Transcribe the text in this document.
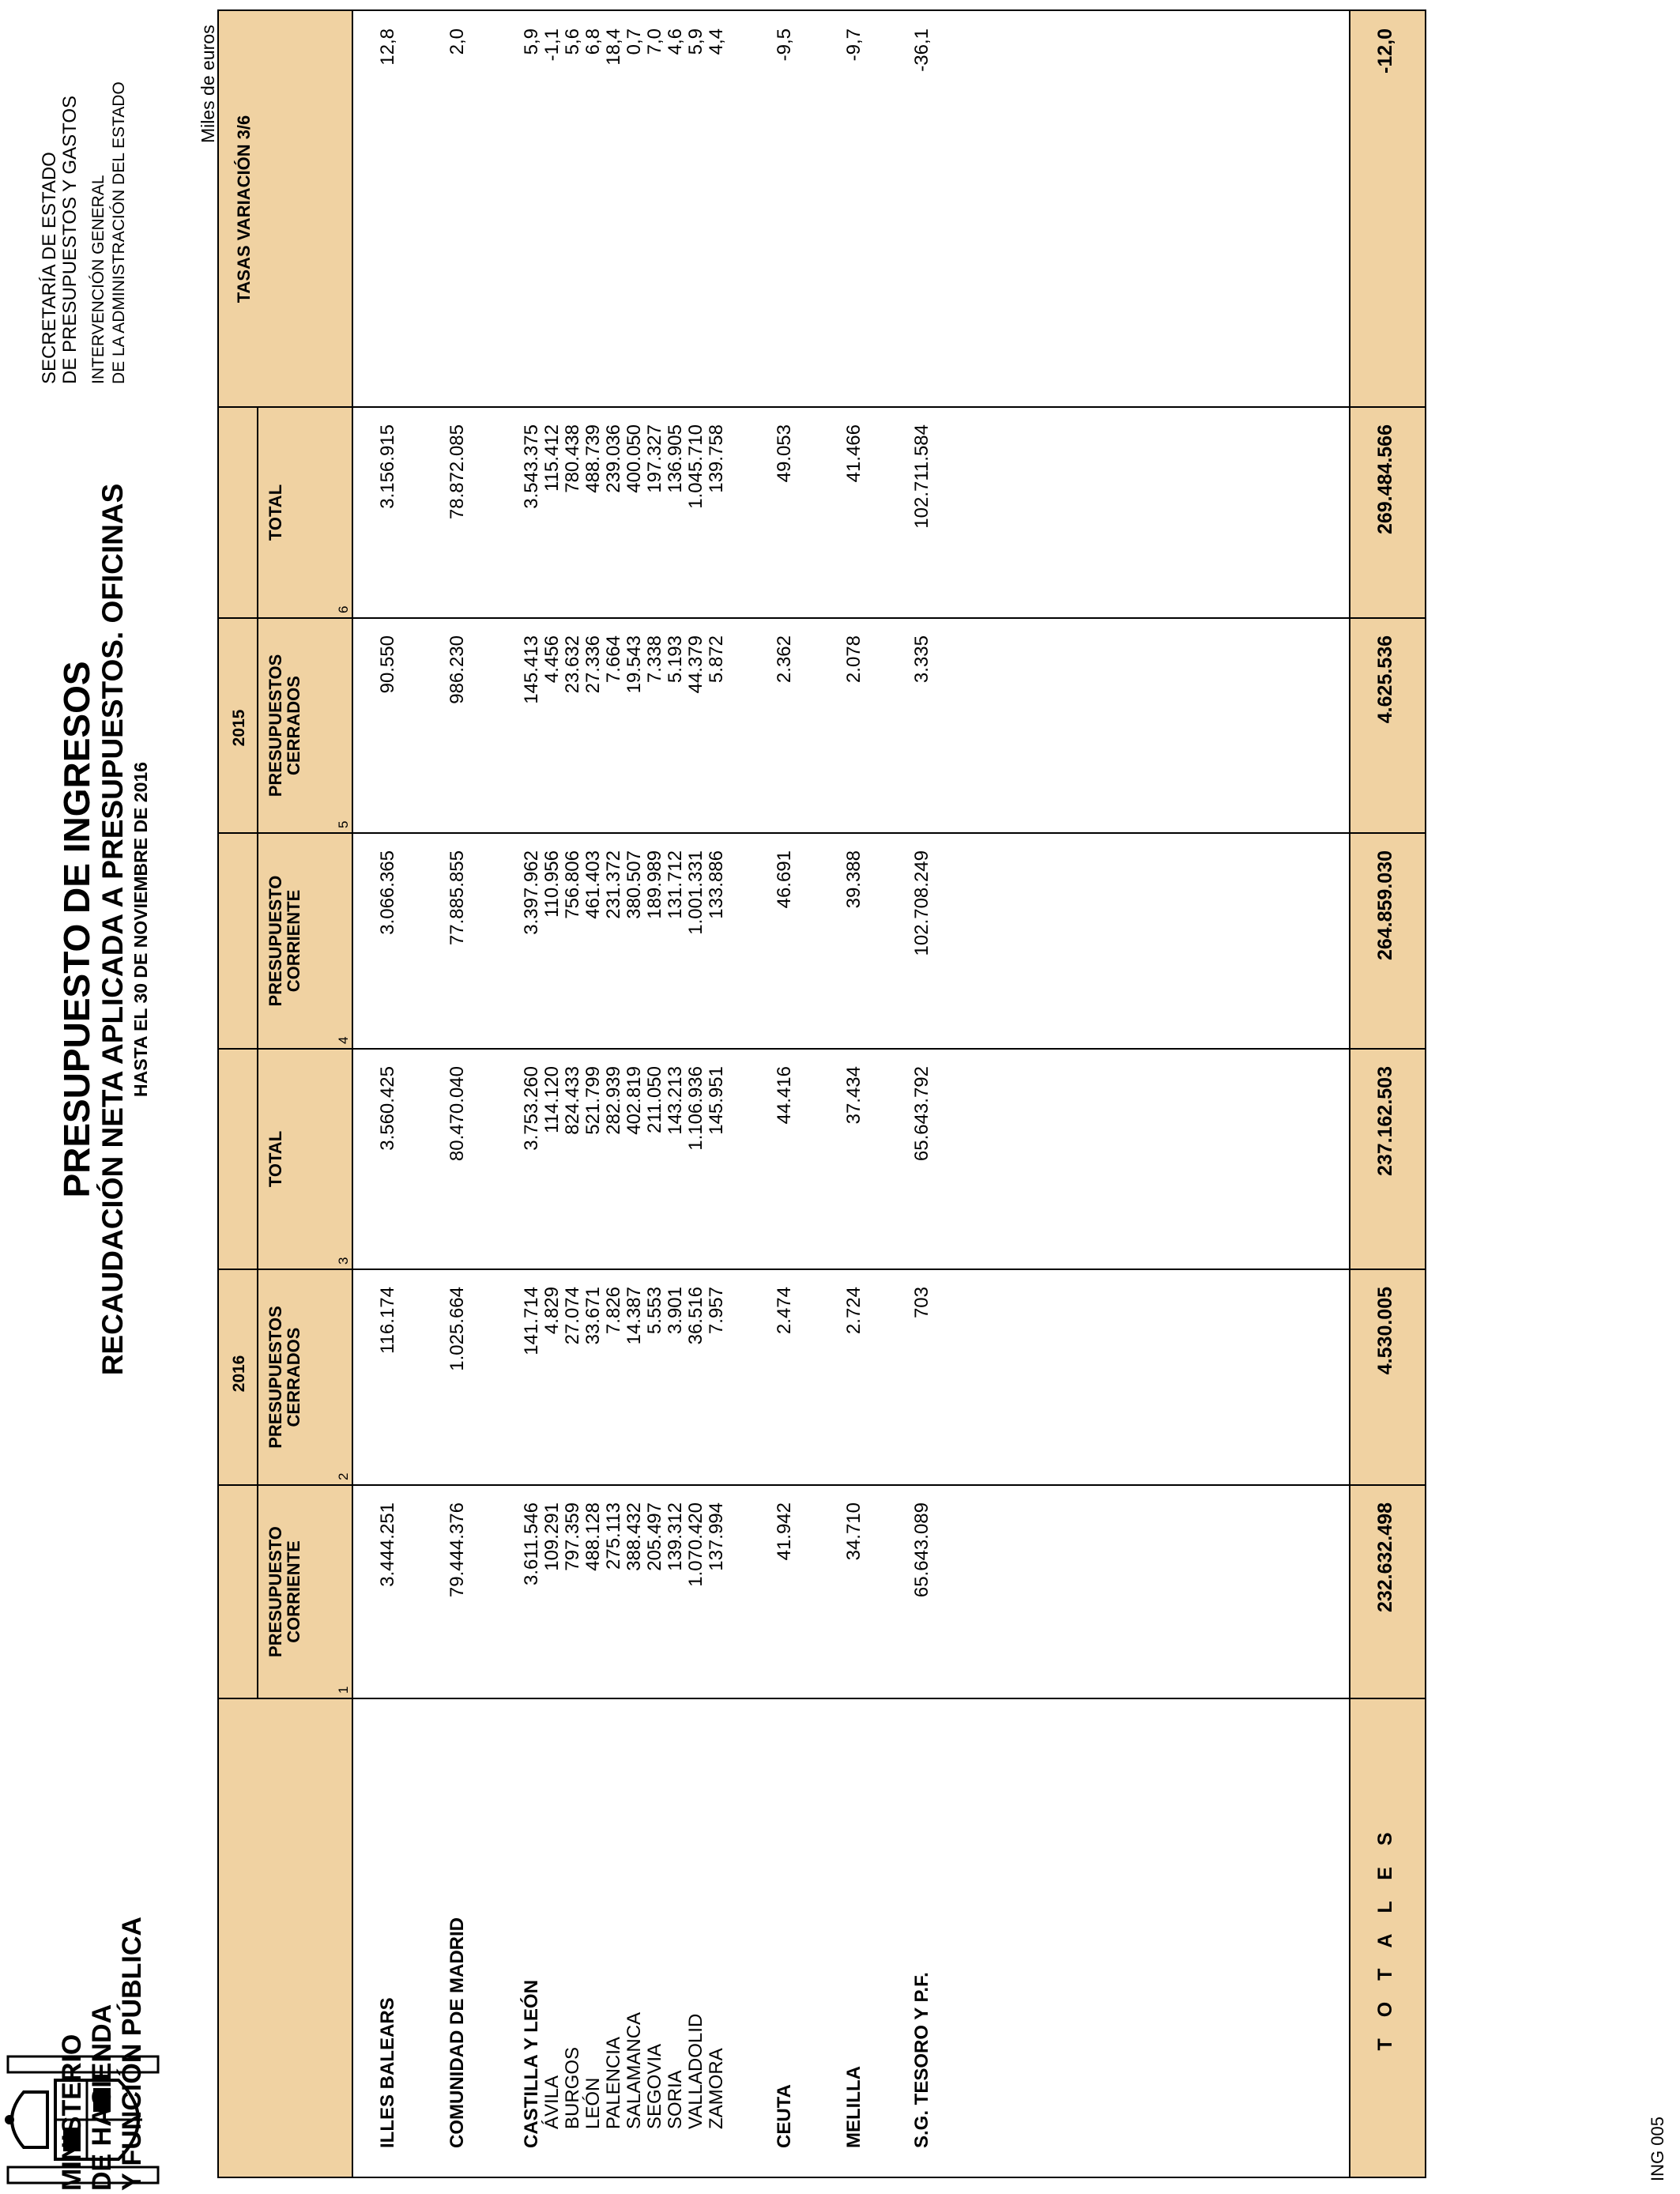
MINISTERIO DE HACIENDA Y FUNCIÓN PÚBLICA
PRESUPUESTO DE INGRESOS RECAUDACIÓN NETA APLICADA A PRESUPUESTOS. OFICINAS HASTA EL 30 DE NOVIEMBRE DE 2016
SECRETARÍA DE ESTADO DE PRESUPUESTOS Y GASTOS INTERVENCIÓN GENERAL DE LA ADMINISTRACIÓN DEL ESTADO	Miles de euros
2016
2015
PRESUPUESTO CORRIENTE
1
PRESUPUESTOS CERRADOS
2
TOTAL
3
PRESUPUESTO CORRIENTE
4
PRESUPUESTOS CERRADOS
5
TOTAL
6
TASAS VARIACIÓN 3/6
ILLES BALEARS
3.444.251
116.174
3.560.425
3.066.365
90.550
3.156.915
12,8
COMUNIDAD DE MADRID
79.444.376
1.025.664
80.470.040
77.885.855
986.230
78.872.085
2,0
CASTILLA Y LEÓN
3.611.546
141.714
3.753.260
3.397.962
145.413
3.543.375
5,9
ÁVILA
109.291
4.829
114.120
110.956
4.456
115.412
-1,1
BURGOS
797.359
27.074
824.433
756.806
23.632
780.438
5,6
LEÓN
488.128
33.671
521.799
461.403
27.336
488.739
6,8
PALENCIA
275.113
7.826
282.939
231.372
7.664
239.036
18,4
SALAMANCA
388.432
14.387
402.819
380.507
19.543
400.050
0,7
SEGOVIA
205.497
5.553
211.050
189.989
7.338
197.327
7,0
SORIA
139.312
3.901
143.213
131.712
5.193
136.905
4,6
VALLADOLID
1.070.420
36.516
1.106.936
1.001.331
44.379
1.045.710
5,9
ZAMORA
137.994
7.957
145.951
133.886
5.872
139.758
4,4
CEUTA
41.942
2.474
44.416
46.691
2.362
49.053
-9,5
MELILLA
34.710
2.724
37.434
39.388
2.078
41.466
-9,7
S.G. TESORO Y P.F.
65.643.089
703
65.643.792
102.708.249
3.335
102.711.584
-36,1
T O T A L E S
232.632.498
4.530.005
237.162.503
264.859.030
4.625.536
269.484.566
-12,0
ING 005
